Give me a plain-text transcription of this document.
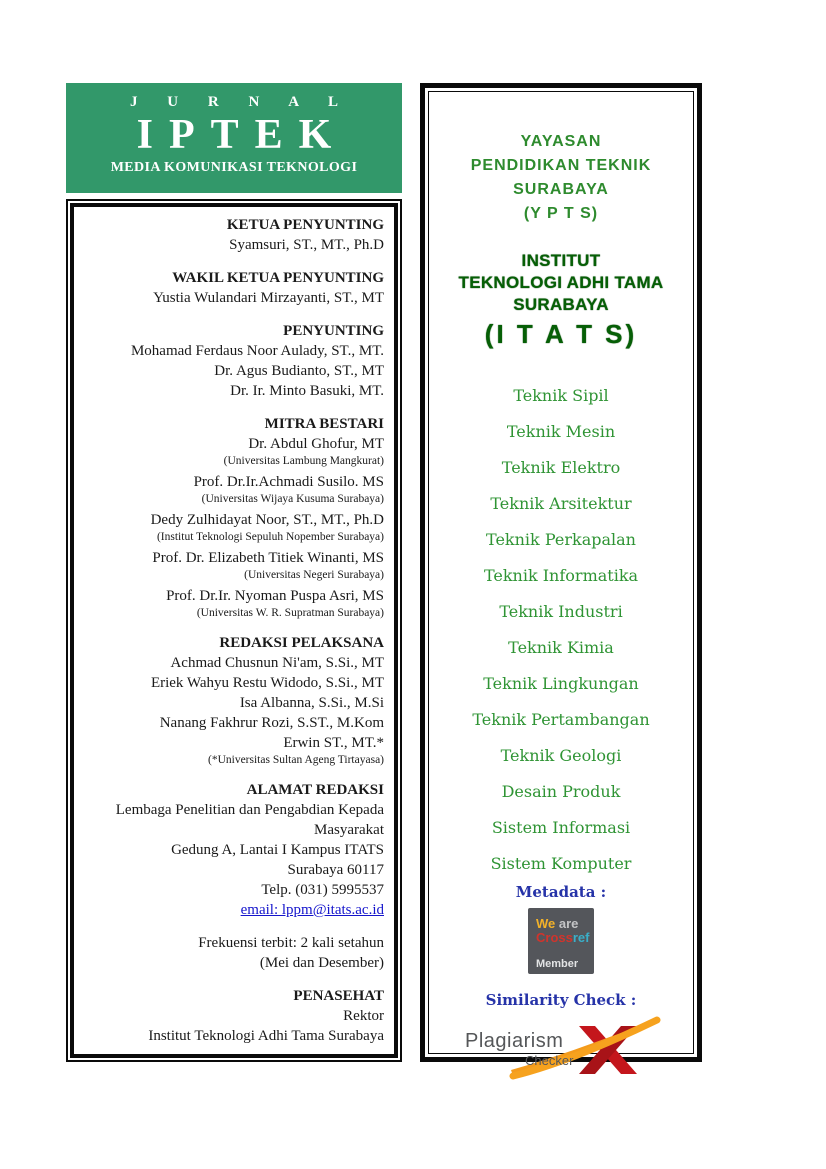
J U R N A L
IPTEK
MEDIA KOMUNIKASI TEKNOLOGI
KETUA PENYUNTING
Syamsuri, ST., MT., Ph.D
WAKIL KETUA PENYUNTING
Yustia Wulandari Mirzayanti, ST., MT
PENYUNTING
Mohamad Ferdaus Noor Aulady, ST., MT.
Dr. Agus Budianto, ST., MT
Dr. Ir. Minto Basuki, MT.
MITRA BESTARI
Dr. Abdul Ghofur, MT
(Universitas Lambung Mangkurat)
Prof. Dr.Ir.Achmadi Susilo. MS
(Universitas Wijaya Kusuma Surabaya)
Dedy Zulhidayat Noor, ST., MT., Ph.D
(Institut Teknologi Sepuluh Nopember Surabaya)
Prof. Dr. Elizabeth Titiek Winanti, MS
(Universitas Negeri Surabaya)
Prof. Dr.Ir. Nyoman Puspa Asri, MS
(Universitas W. R. Supratman Surabaya)
REDAKSI PELAKSANA
Achmad Chusnun Ni'am, S.Si., MT
Eriek Wahyu Restu Widodo, S.Si., MT
Isa Albanna, S.Si., M.Si
Nanang Fakhrur Rozi, S.ST., M.Kom
Erwin ST., MT.*
(*Universitas Sultan Ageng Tirtayasa)
ALAMAT REDAKSI
Lembaga Penelitian dan Pengabdian Kepada Masyarakat
Gedung A, Lantai I Kampus ITATS
Surabaya 60117
Telp. (031) 5995537
email: lppm@itats.ac.id
Frekuensi terbit: 2 kali setahun
(Mei dan Desember)
PENASEHAT
Rektor
Institut Teknologi Adhi Tama Surabaya
YAYASAN
PENDIDIKAN TEKNIK
SURABAYA
(Y P T S)
INSTITUT
TEKNOLOGI ADHI TAMA
SURABAYA
(I T A T S)
Teknik Sipil
Teknik Mesin
Teknik Elektro
Teknik Arsitektur
Teknik Perkapalan
Teknik Informatika
Teknik Industri
Teknik Kimia
Teknik Lingkungan
Teknik Pertambangan
Teknik Geologi
Desain Produk
Sistem Informasi
Sistem Komputer
Metadata :
We are
Crossref
Member
Similarity Check :
Plagiarism
Checker
